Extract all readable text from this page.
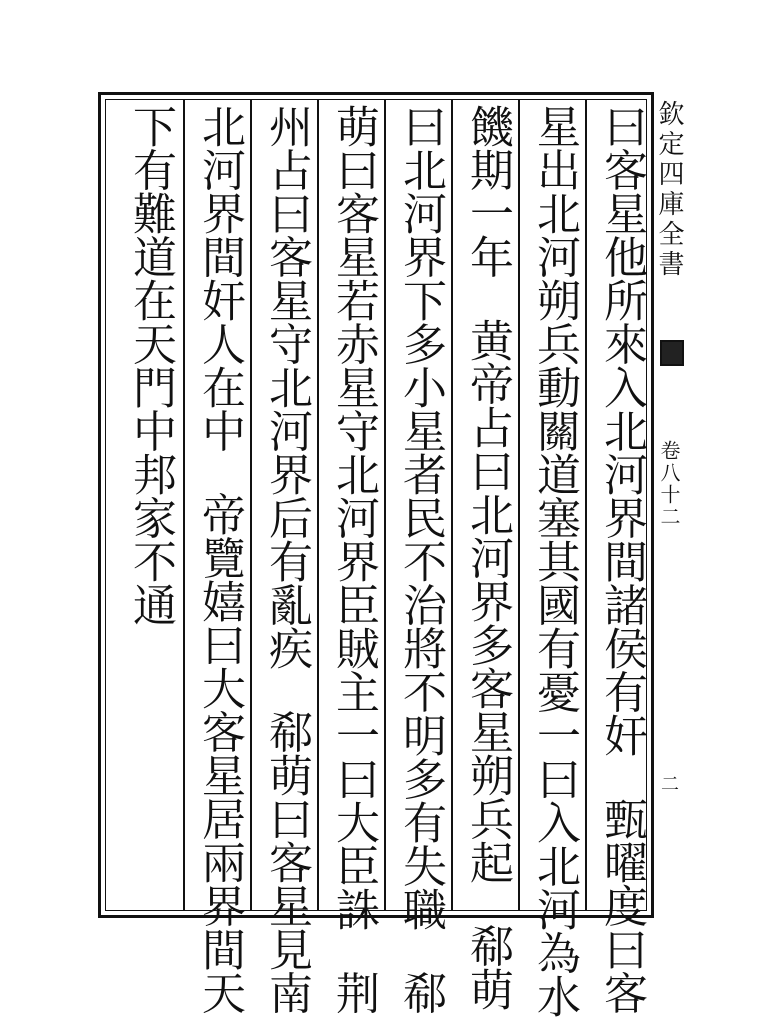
曰客星他所來入北河界間諸侯有奸甄曜度曰客
星出北河朔兵動關道塞其國有憂一曰入北河為水
饑期一年黄帝占曰北河界多客星朔兵起郗萌
曰北河界下多小星者民不治將不明多有失職郗
萌曰客星若赤星守北河界臣賊主一曰大臣誅荆
州占曰客星守北河界后有亂疾郗萌曰客星見南
北河界間奸人在中帝覽嬉曰大客星居兩界間天
下有難道在天門中邦家不通	欽定四庫全書
卷八十二
二
